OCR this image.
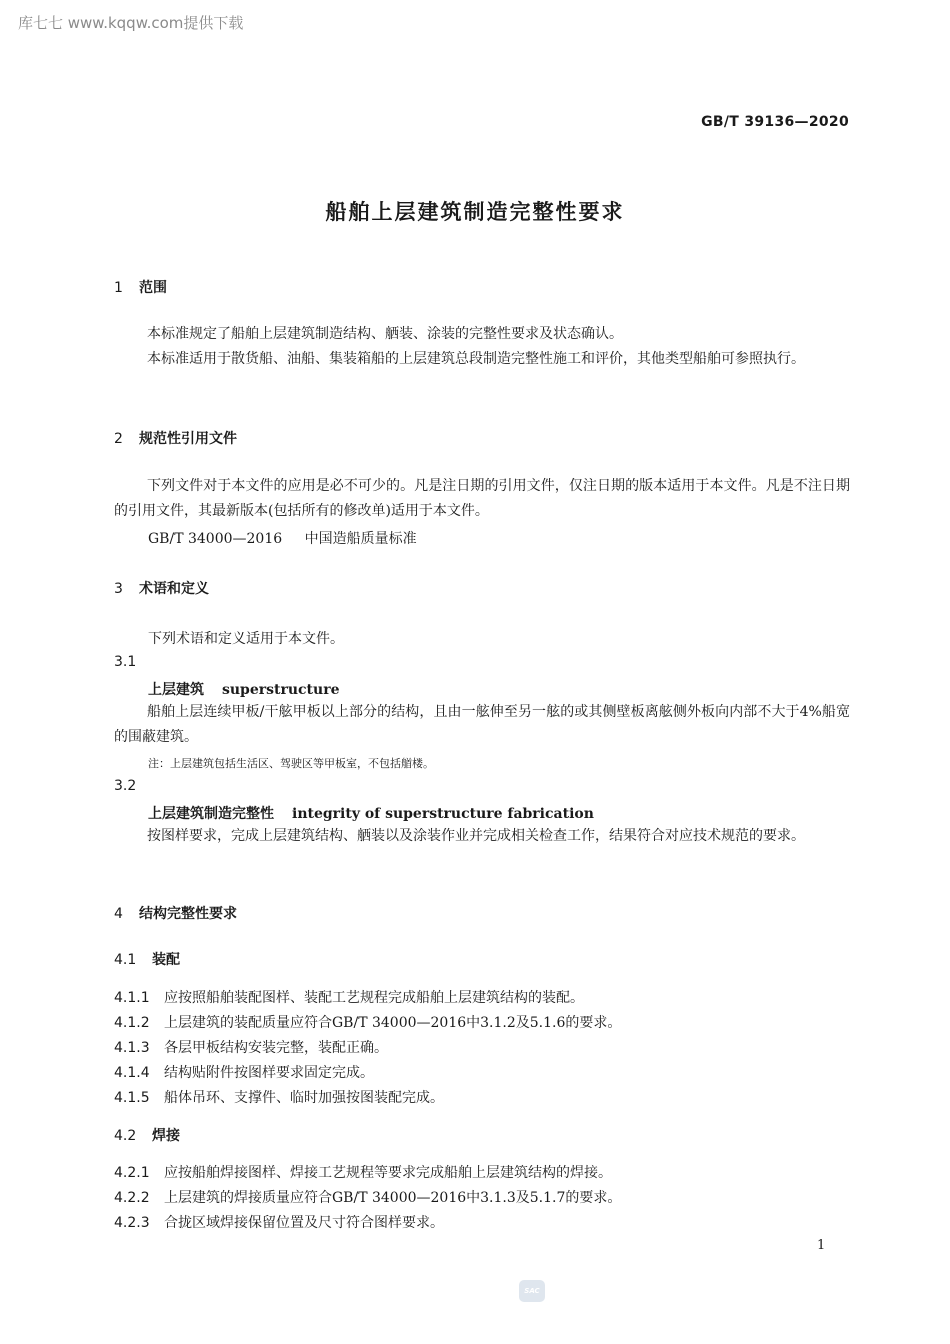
库七七 www.kqqw.com提供下载
GB/T 39136—2020
船舶上层建筑制造完整性要求
1 范围
本标准规定了船舶上层建筑制造结构、舾装、涂装的完整性要求及状态确认。
本标准适用于散货船、油船、集装箱船的上层建筑总段制造完整性施工和评价，其他类型船舶可参照执行。
2 规范性引用文件
下列文件对于本文件的应用是必不可少的。凡是注日期的引用文件，仅注日期的版本适用于本文件。凡是不注日期的引用文件，其最新版本(包括所有的修改单)适用于本文件。
GB/T 34000—2016 中国造船质量标准
3 术语和定义
下列术语和定义适用于本文件。
3.1
上层建筑 superstructure
船舶上层连续甲板/干舷甲板以上部分的结构，且由一舷伸至另一舷的或其侧壁板离舷侧外板向内部不大于4%船宽的围蔽建筑。
注：上层建筑包括生活区、驾驶区等甲板室，不包括艏楼。
3.2
上层建筑制造完整性 integrity of superstructure fabrication
按图样要求，完成上层建筑结构、舾装以及涂装作业并完成相关检查工作，结果符合对应技术规范的要求。
4 结构完整性要求
4.1 装配
4.1.1 应按照船舶装配图样、装配工艺规程完成船舶上层建筑结构的装配。
4.1.2 上层建筑的装配质量应符合GB/T 34000—2016中3.1.2及5.1.6的要求。
4.1.3 各层甲板结构安装完整，装配正确。
4.1.4 结构贴附件按图样要求固定完成。
4.1.5 船体吊环、支撑件、临时加强按图装配完成。
4.2 焊接
4.2.1 应按船舶焊接图样、焊接工艺规程等要求完成船舶上层建筑结构的焊接。
4.2.2 上层建筑的焊接质量应符合GB/T 34000—2016中3.1.3及5.1.7的要求。
4.2.3 合拢区域焊接保留位置及尺寸符合图样要求。
1
SAC
